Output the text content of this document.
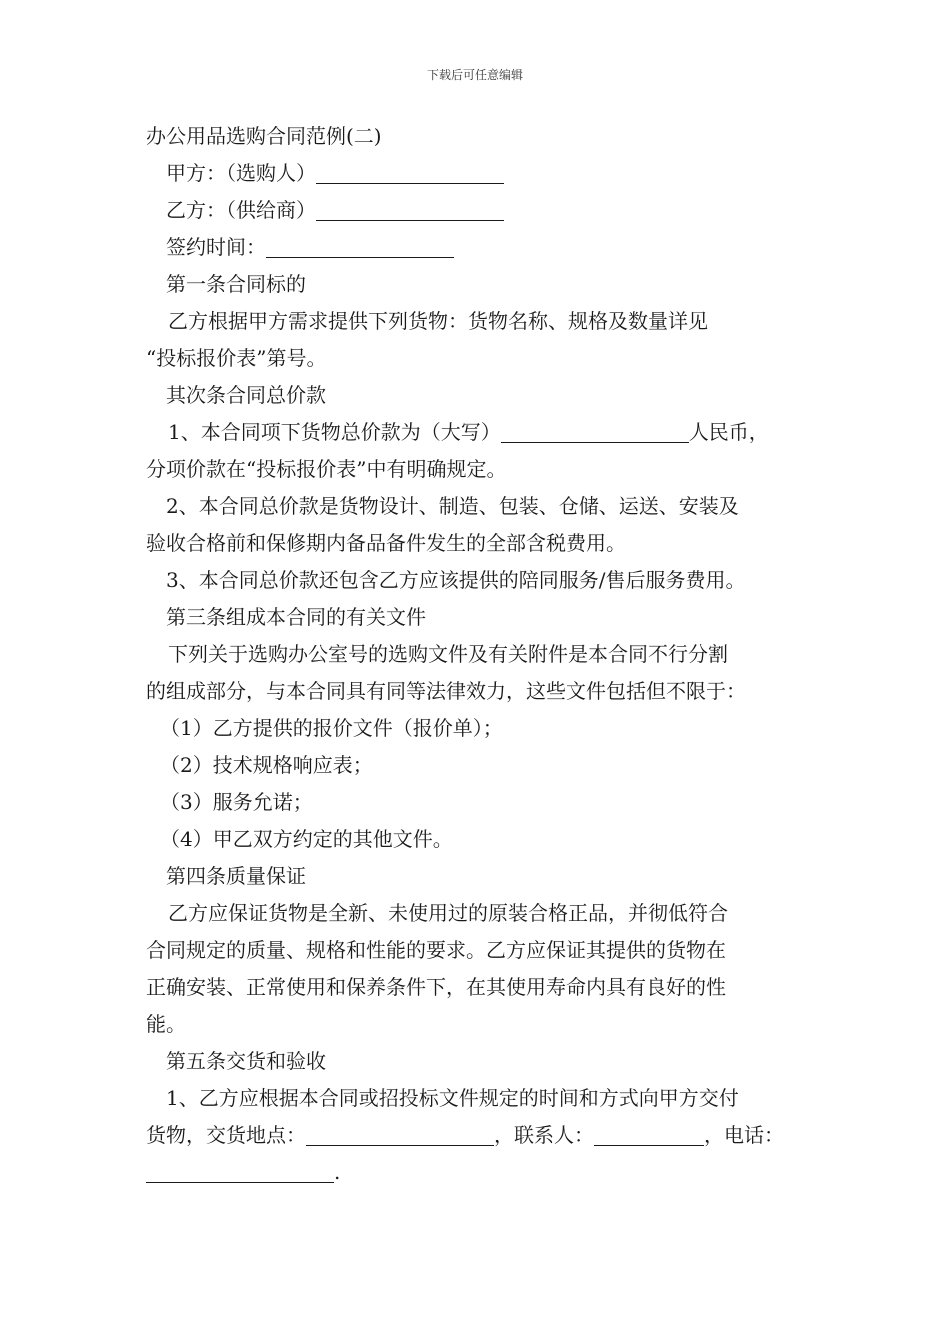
下载后可任意编辑
办公用品选购合同范例(二)
甲方：（选购人）
乙方：（供给商）
签约时间：
第一条合同标的
乙方根据甲方需求提供下列货物：货物名称、规格及数量详见
“投标报价表”第号。
其次条合同总价款
1、本合同项下货物总价款为（大写）	人民币，
分项价款在“投标报价表”中有明确规定。
2、本合同总价款是货物设计、制造、包装、仓储、运送、安装及
验收合格前和保修期内备品备件发生的全部含税费用。
3、本合同总价款还包含乙方应该提供的陪同服务/售后服务费用。
第三条组成本合同的有关文件
下列关于选购办公室号的选购文件及有关附件是本合同不行分割
的组成部分，与本合同具有同等法律效力，这些文件包括但不限于：
（1）乙方提供的报价文件（报价单）；
（2）技术规格响应表；
（3）服务允诺；
（4）甲乙双方约定的其他文件。
第四条质量保证
乙方应保证货物是全新、未使用过的原装合格正品，并彻低符合
合同规定的质量、规格和性能的要求。乙方应保证其提供的货物在
正确安装、正常使用和保养条件下，在其使用寿命内具有良好的性
能。
第五条交货和验收
1、乙方应根据本合同或招投标文件规定的时间和方式向甲方交付
货物，交货地点：	，联系人：	，电话：
.
